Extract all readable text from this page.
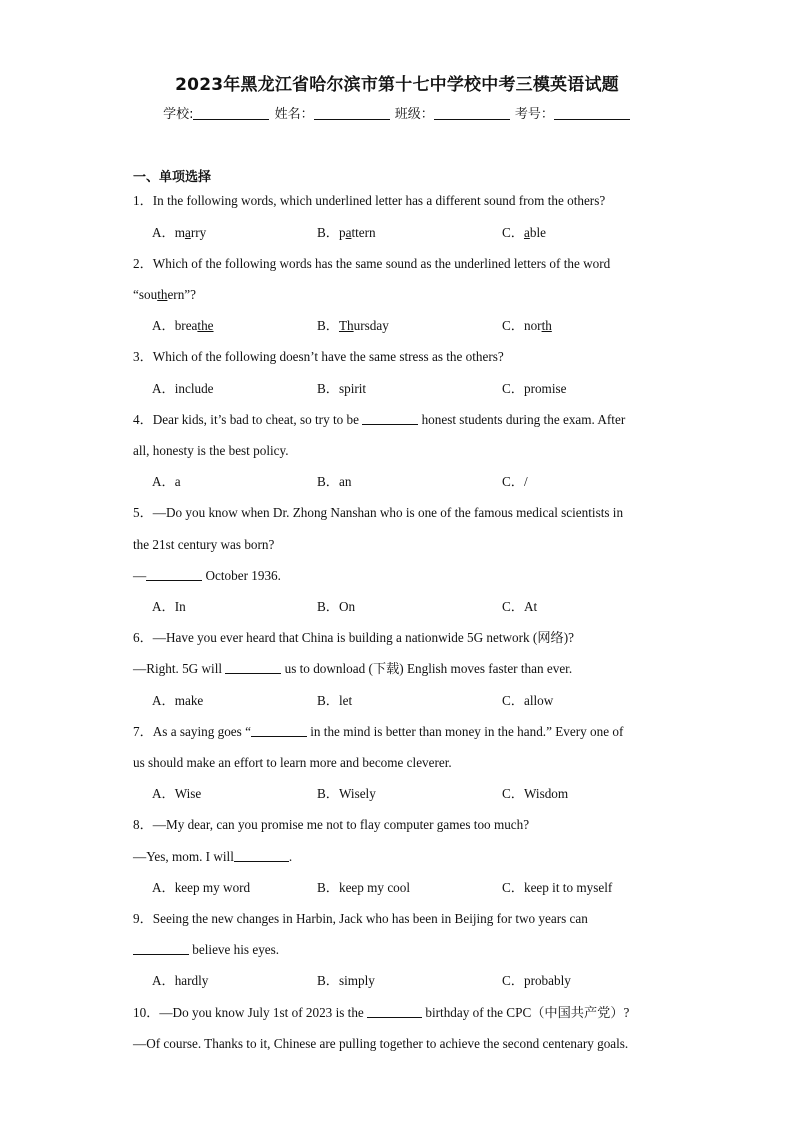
2023年黑龙江省哈尔滨市第十七中学校中考三模英语试题
学校:	姓名：	班级：	考号：
一、单项选择
1．In the following words, which underlined letter has a different sound from the others?
A．marry	B．pattern	C．able
2．Which of the following words has the same sound as the underlined letters of the word
“southern”?
A．breathe	B．Thursday	C．north
3．Which of the following doesn’t have the same stress as the others?
A．include	B．spirit	C．promise
4．Dear kids, it’s bad to cheat, so try to be	honest students during the exam. After
all, honesty is the best policy.
A．a	B．an	C．/
5．—Do you know when Dr. Zhong Nanshan who is one of the famous medical scientists in
the 21st century was born?
—	October 1936.
A．In	B．On	C．At
6．—Have you ever heard that China is building a nationwide 5G network (网络)?
—Right. 5G will	us to download (下载) English moves faster than ever.
A．make	B．let	C．allow
7．As a saying goes “	in the mind is better than money in the hand.” Every one of
us should make an effort to learn more and become cleverer.
A．Wise	B．Wisely	C．Wisdom
8．—My dear, can you promise me not to flay computer games too much?
—Yes, mom. I will	.
A．keep my word	B．keep my cool	C．keep it to myself
9．Seeing the new changes in Harbin, Jack who has been in Beijing for two years can
believe his eyes.
A．hardly	B．simply	C．probably
10．—Do you know July 1st of 2023 is the	birthday of the CPC（中国共产党）?
—Of course. Thanks to it, Chinese are pulling together to achieve the second centenary goals.
